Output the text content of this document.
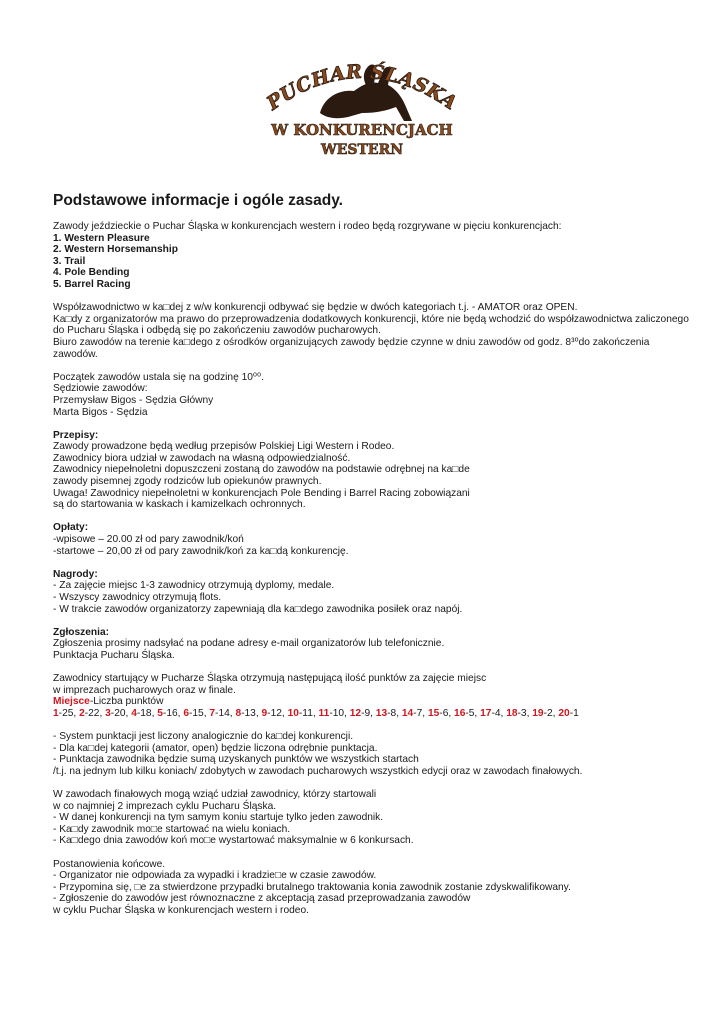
PUCHAR ŚLĄSKA
W KONKURENCJACH
WESTERN
Podstawowe informacje i ogóle zasady.
Zawody jeździeckie o Puchar Śląska w konkurencjach western i rodeo będą rozgrywane w pięciu konkurencjach:
1. Western Pleasure
2. Western Horsemanship
3. Trail
4. Pole Bending
5. Barrel Racing
Współzawodnictwo w ka□dej z w/w konkurencji odbywać się będzie w dwóch kategoriach t.j. - AMATOR oraz OPEN.
Ka□dy z organizatorów ma prawo do przeprowadzenia dodatkowych konkurencji, które nie będą wchodzić do współzawodnictwa zaliczonego
do Pucharu Śląska i odbędą się po zakończeniu zawodów pucharowych.
Biuro zawodów na terenie ka□dego z ośrodków organizujących zawody będzie czynne w dniu zawodów od godz. 8³⁰do zakończenia
zawodów.
Początek zawodów ustala się na godzinę 10⁰⁰.
Sędziowie zawodów:
Przemysław Bigos - Sędzia Główny
Marta Bigos - Sędzia
Przepisy:
Zawody prowadzone będą według przepisów Polskiej Ligi Western i Rodeo.
Zawodnicy biora udział w zawodach na własną odpowiedzialność.
Zawodnicy niepełnoletni dopuszczeni zostaną do zawodów na podstawie odrębnej na ka□de
zawody pisemnej zgody rodziców lub opiekunów prawnych.
Uwaga! Zawodnicy niepełnoletni w konkurencjach Pole Bending i Barrel Racing zobowiązani
są do startowania w kaskach i kamizelkach ochronnych.
Opłaty:
-wpisowe – 20.00 zł od pary zawodnik/koń
-startowe – 20,00 zł od pary zawodnik/koń za ka□dą konkurencję.
Nagrody:
- Za zajęcie miejsc 1-3 zawodnicy otrzymują dyplomy, medale.
- Wszyscy zawodnicy otrzymują flots.
- W trakcie zawodów organizatorzy zapewniają dla ka□dego zawodnika posiłek oraz napój.
Zgłoszenia:
Zgłoszenia prosimy nadsyłać na podane adresy e-mail organizatorów lub telefonicznie.
Punktacja Pucharu Śląska.
Zawodnicy startujący w Pucharze Śląska otrzymują następującą ilość punktów za zajęcie miejsc
w imprezach pucharowych oraz w finale.
Miejsce-Liczba punktów
1-25, 2-22, 3-20, 4-18, 5-16, 6-15, 7-14, 8-13, 9-12, 10-11, 11-10, 12-9, 13-8, 14-7, 15-6, 16-5, 17-4, 18-3, 19-2, 20-1
- System punktacji jest liczony analogicznie do ka□dej konkurencji.
- Dla ka□dej kategorii (amator, open) będzie liczona odrębnie punktacja.
- Punktacja zawodnika będzie sumą uzyskanych punktów we wszystkich startach
/t.j. na jednym lub kilku koniach/ zdobytych w zawodach pucharowych wszystkich edycji oraz w zawodach finałowych.
W zawodach finałowych mogą wziąć udział zawodnicy, którzy startowali
w co najmniej 2 imprezach cyklu Pucharu Śląska.
- W danej konkurencji na tym samym koniu startuje tylko jeden zawodnik.
- Ka□dy zawodnik mo□e startować na wielu koniach.
- Ka□dego dnia zawodów koń mo□e wystartować maksymalnie w 6 konkursach.
Postanowienia końcowe.
- Organizator nie odpowiada za wypadki i kradzie□e w czasie zawodów.
- Przypomina się, □e za stwierdzone przypadki brutalnego traktowania konia zawodnik zostanie zdyskwalifikowany.
- Zgłoszenie do zawodów jest równoznaczne z akceptacją zasad przeprowadzania zawodów
w cyklu Puchar Śląska w konkurencjach western i rodeo.
